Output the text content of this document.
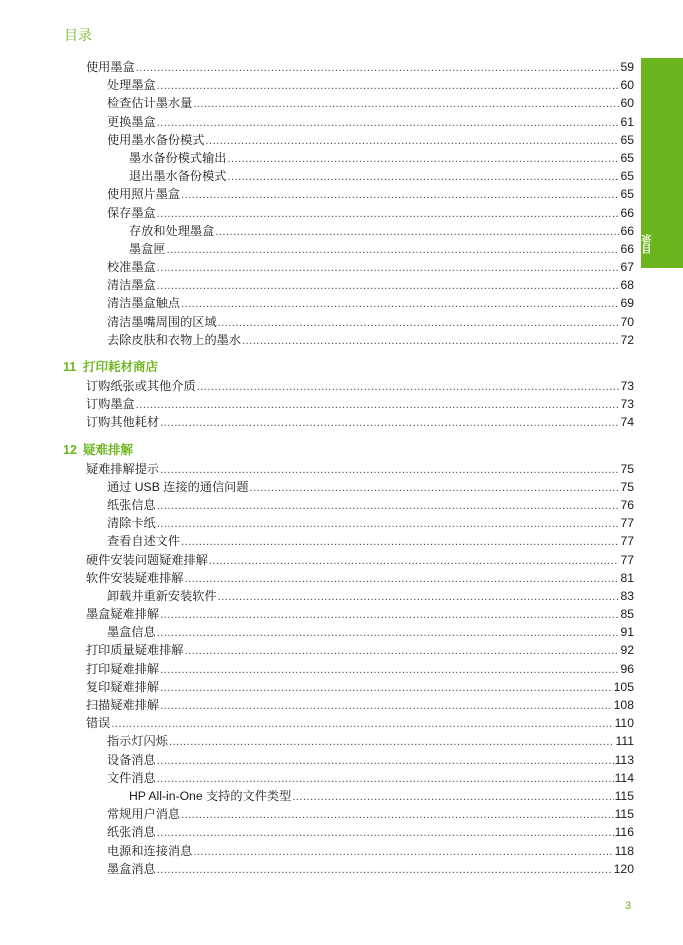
目录
目录
使用墨盒 .....	59
处理墨盒 .....	60
检查估计墨水量 .....	60
更换墨盒 .....	61
使用墨水备份模式 .....	65
墨水备份模式输出 .....	65
退出墨水备份模式 .....	65
使用照片墨盒 .....	65
保存墨盒 .....	66
存放和处理墨盒 .....	66
墨盒匣 .....	66
校准墨盒 .....	67
清洁墨盒 .....	68
清洁墨盒触点 .....	69
清洁墨嘴周围的区域 .....	70
去除皮肤和衣物上的墨水 .....	72
11 打印耗材商店
订购纸张或其他介质 .....	73
订购墨盒 .....	73
订购其他耗材 .....	74
12 疑难排解
疑难排解提示 .....	75
通过 USB 连接的通信问题 .....	75
纸张信息 .....	76
清除卡纸 .....	77
查看自述文件 .....	77
硬件安装问题疑难排解 .....	77
软件安装疑难排解 .....	81
卸载并重新安装软件 .....	83
墨盒疑难排解 .....	85
墨盒信息 .....	91
打印质量疑难排解 .....	92
打印疑难排解 .....	96
复印疑难排解 .....	105
扫描疑难排解 .....	108
错误 .....	110
指示灯闪烁 .....	111
设备消息 .....	113
文件消息 .....	114
HP All-in-One 支持的文件类型 .....	115
常规用户消息 .....	115
纸张消息 .....	116
电源和连接消息 .....	118
墨盒消息 .....	120
3
